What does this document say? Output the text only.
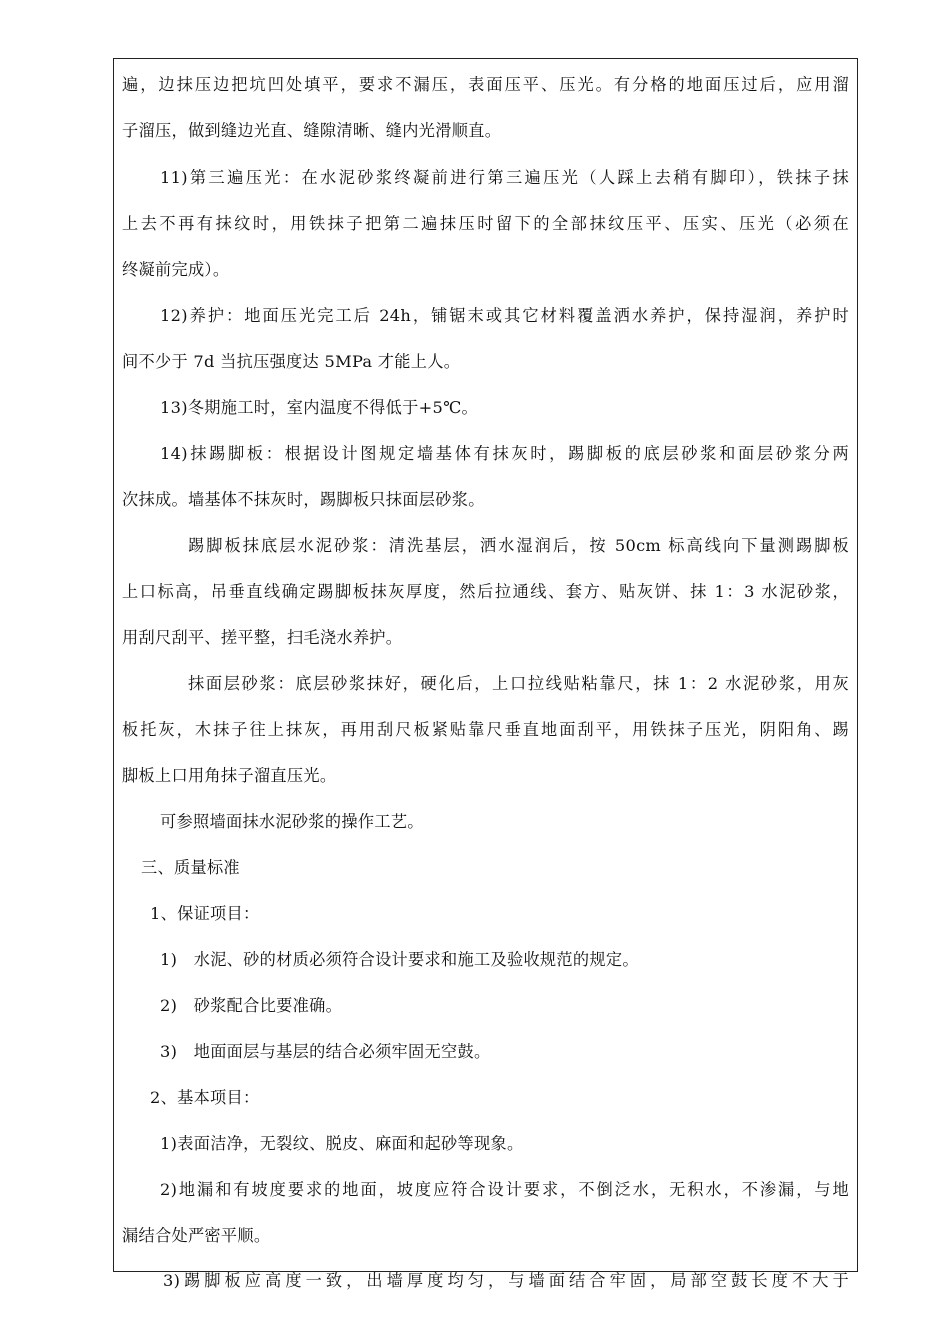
遍，边抹压边把坑凹处填平，要求不漏压，表面压平、压光。有分格的地面压过后，应用溜
子溜压，做到缝边光直、缝隙清晰、缝内光滑顺直。
11)第三遍压光：在水泥砂浆终凝前进行第三遍压光（人踩上去稍有脚印），铁抹子抹
上去不再有抹纹时，用铁抹子把第二遍抹压时留下的全部抹纹压平、压实、压光（必须在
终凝前完成）。
12)养护：地面压光完工后 24h，铺锯末或其它材料覆盖洒水养护，保持湿润，养护时
间不少于 7d 当抗压强度达 5MPa 才能上人。
13)冬期施工时，室内温度不得低于+5℃。
14)抹踢脚板：根据设计图规定墙基体有抹灰时，踢脚板的底层砂浆和面层砂浆分两
次抹成。墙基体不抹灰时，踢脚板只抹面层砂浆。
踢脚板抹底层水泥砂浆：清洗基层，洒水湿润后，按 50cm 标高线向下量测踢脚板
上口标高，吊垂直线确定踢脚板抹灰厚度，然后拉通线、套方、贴灰饼、抹 1：3 水泥砂浆，
用刮尺刮平、搓平整，扫毛浇水养护。
抹面层砂浆：底层砂浆抹好，硬化后，上口拉线贴粘靠尺，抹 1：2 水泥砂浆，用灰
板托灰，木抹子往上抹灰，再用刮尺板紧贴靠尺垂直地面刮平，用铁抹子压光，阴阳角、踢
脚板上口用角抹子溜直压光。
可参照墙面抹水泥砂浆的操作工艺。
三、质量标准
1、保证项目：
1)　水泥、砂的材质必须符合设计要求和施工及验收规范的规定。
2)　砂浆配合比要准确。
3)　地面面层与基层的结合必须牢固无空鼓。
2、基本项目：
1)表面洁净，无裂纹、脱皮、麻面和起砂等现象。
2)地漏和有坡度要求的地面，坡度应符合设计要求，不倒泛水，无积水，不渗漏，与地
漏结合处严密平顺。
3)踢脚板应高度一致，出墙厚度均匀，与墙面结合牢固，局部空鼓长度不大于
